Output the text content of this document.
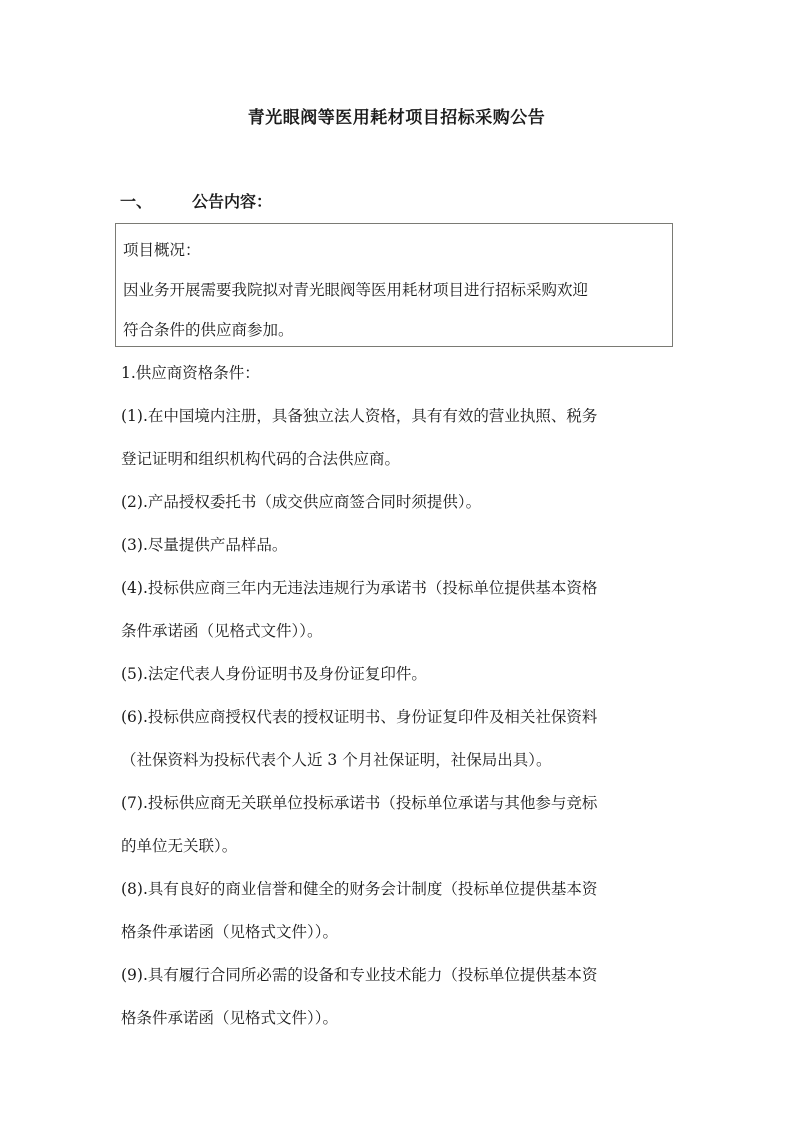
青光眼阀等医用耗材项目招标采购公告
一、 公告内容：

项目概况：

因业务开展需要我院拟对青光眼阀等医用耗材项目进行招标采购欢迎

符合条件的供应商参加。

1.供应商资格条件：

(1).在中国境内注册，具备独立法人资格，具有有效的营业执照、税务

登记证明和组织机构代码的合法供应商。

(2).产品授权委托书（成交供应商签合同时须提供）。

(3).尽量提供产品样品。

(4).投标供应商三年内无违法违规行为承诺书（投标单位提供基本资格

条件承诺函（见格式文件））。

(5).法定代表人身份证明书及身份证复印件。

(6).投标供应商授权代表的授权证明书、身份证复印件及相关社保资料

（社保资料为投标代表个人近 3 个月社保证明，社保局出具）。

(7).投标供应商无关联单位投标承诺书（投标单位承诺与其他参与竞标

的单位无关联）。

(8).具有良好的商业信誉和健全的财务会计制度（投标单位提供基本资

格条件承诺函（见格式文件））。

(9).具有履行合同所必需的设备和专业技术能力（投标单位提供基本资

格条件承诺函（见格式文件））。
